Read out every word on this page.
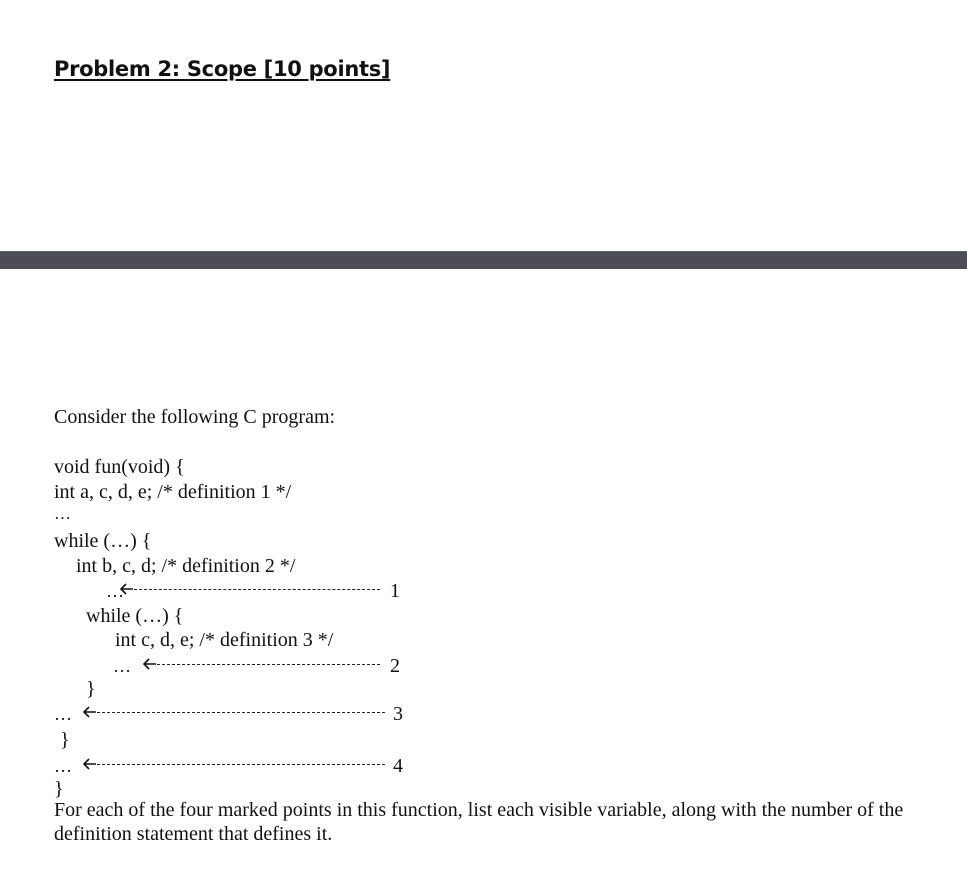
Problem 2: Scope [10 points]
Consider the following C program:
void fun(void) {
int a, c, d, e; /* definition 1 */
…
while (…) {
int b, c, d; /* definition 2 */
…	1
while (…) {
int c, d, e; /* definition 3 */
…	2
}
…	3
}
…	4
}
For each of the four marked points in this function, list each visible variable, along with the number of the definition statement that defines it.
